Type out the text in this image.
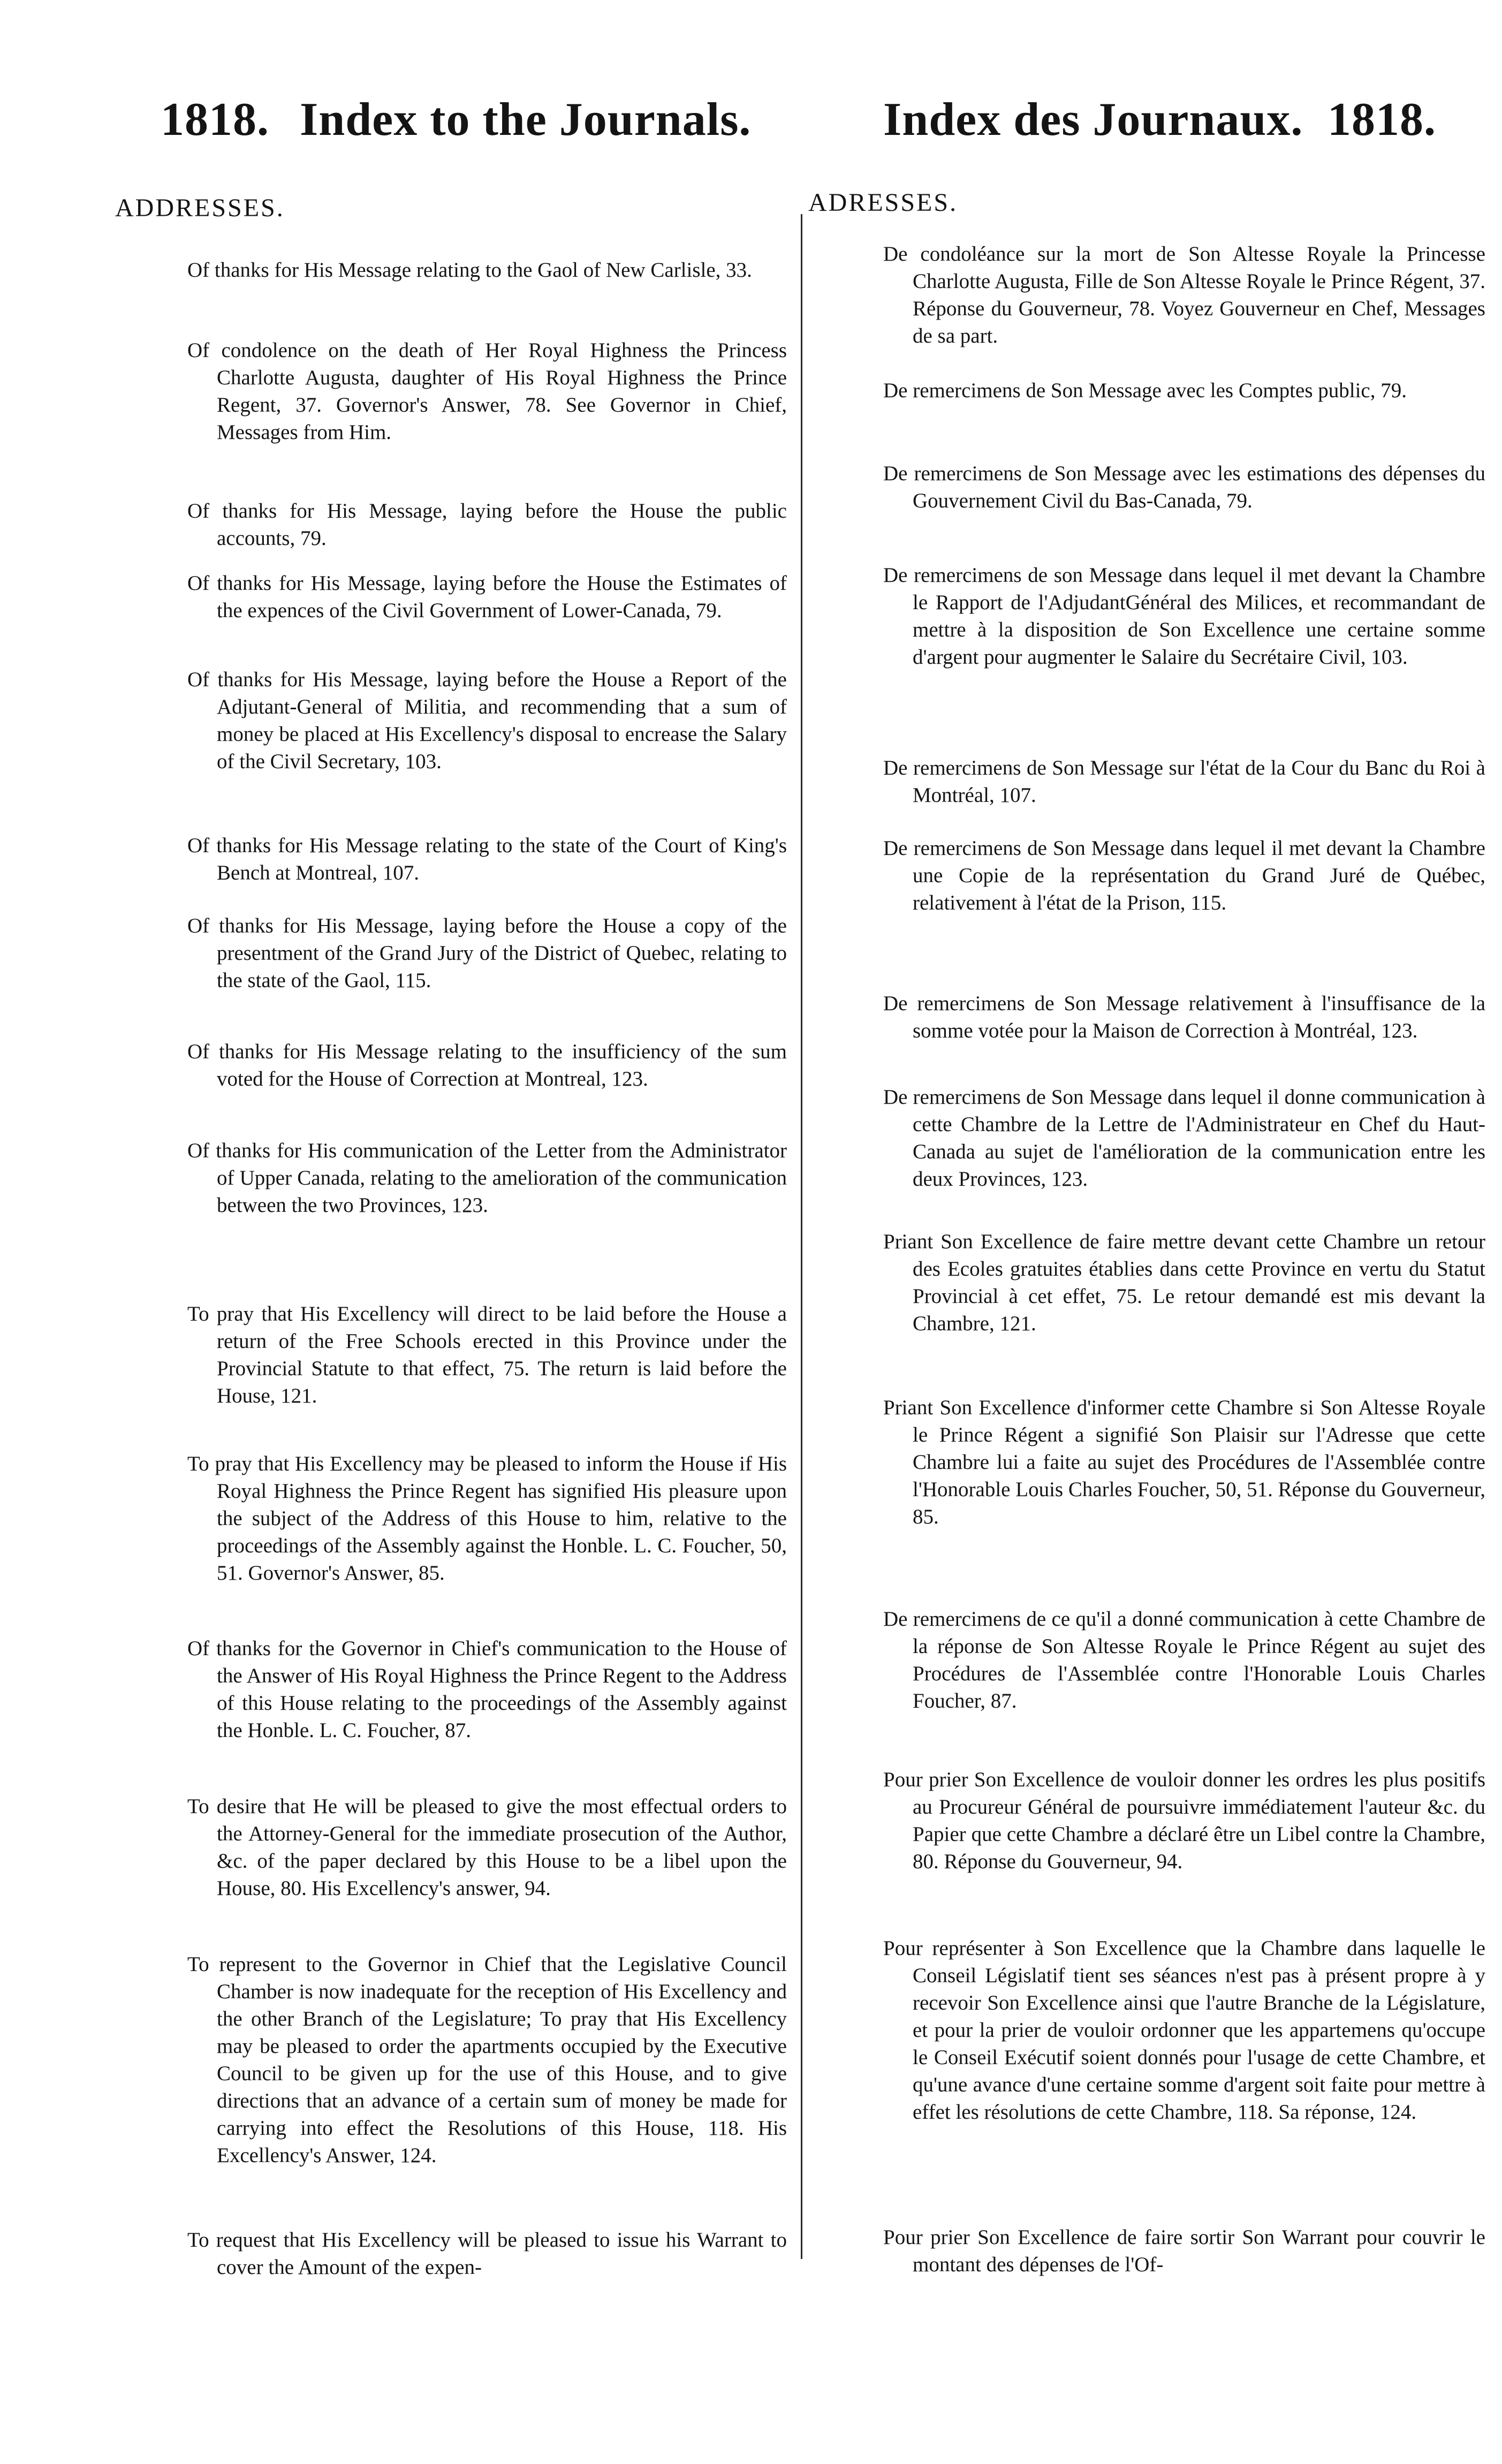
1818. Index to the Journals.	Index des Journaux. 1818.
ADDRESSES.	ADRESSES.

Of thanks for His Message relating to the Gaol of New Carlisle, 33.

Of condolence on the death of Her Royal Highness the Princess Charlotte Augusta, daughter of His Royal Highness the Prince Regent, 37. Governor's Answer, 78. See Governor in Chief, Messages from Him.

Of thanks for His Message, laying before the House the public accounts, 79.

Of thanks for His Message, laying before the House the Estimates of the expences of the Civil Government of Lower-Canada, 79.

Of thanks for His Message, laying before the House a Report of the Adjutant-General of Militia, and recommending that a sum of money be placed at His Excellency's disposal to encrease the Salary of the Civil Secretary, 103.

Of thanks for His Message relating to the state of the Court of King's Bench at Montreal, 107.

Of thanks for His Message, laying before the House a copy of the presentment of the Grand Jury of the District of Quebec, relating to the state of the Gaol, 115.

Of thanks for His Message relating to the insufficiency of the sum voted for the House of Correction at Montreal, 123.

Of thanks for His communication of the Letter from the Administrator of Upper Canada, relating to the amelioration of the communication between the two Provinces, 123.

To pray that His Excellency will direct to be laid before the House a return of the Free Schools erected in this Province under the Provincial Statute to that effect, 75. The return is laid before the House, 121.

To pray that His Excellency may be pleased to inform the House if His Royal Highness the Prince Regent has signified His pleasure upon the subject of the Address of this House to him, relative to the proceedings of the Assembly against the Honble. L. C. Foucher, 50, 51. Governor's Answer, 85.

Of thanks for the Governor in Chief's communication to the House of the Answer of His Royal Highness the Prince Regent to the Address of this House relating to the proceedings of the Assembly against the Honble. L. C. Foucher, 87.

To desire that He will be pleased to give the most effectual orders to the Attorney-General for the immediate prosecution of the Author, &c. of the paper declared by this House to be a libel upon the House, 80. His Excellency's answer, 94.

To represent to the Governor in Chief that the Legislative Council Chamber is now inadequate for the reception of His Excellency and the other Branch of the Legislature; To pray that His Excellency may be pleased to order the apartments occupied by the Executive Council to be given up for the use of this House, and to give directions that an advance of a certain sum of money be made for carrying into effect the Resolutions of this House, 118. His Excellency's Answer, 124.

To request that His Excellency will be pleased to issue his Warrant to cover the Amount of the expen-

De condoléance sur la mort de Son Altesse Royale la Princesse Charlotte Augusta, Fille de Son Altesse Royale le Prince Régent, 37. Réponse du Gouverneur, 78. Voyez Gouverneur en Chef, Messages de sa part.

De remercimens de Son Message avec les Comptes public, 79.

De remercimens de Son Message avec les estimations des dépenses du Gouvernement Civil du Bas-Canada, 79.

De remercimens de son Message dans lequel il met devant la Chambre le Rapport de l'AdjudantGénéral des Milices, et recommandant de mettre à la disposition de Son Excellence une certaine somme d'argent pour augmenter le Salaire du Secrétaire Civil, 103.

De remercimens de Son Message sur l'état de la Cour du Banc du Roi à Montréal, 107.

De remercimens de Son Message dans lequel il met devant la Chambre une Copie de la représentation du Grand Juré de Québec, relativement à l'état de la Prison, 115.

De remercimens de Son Message relativement à l'insuffisance de la somme votée pour la Maison de Correction à Montréal, 123.

De remercimens de Son Message dans lequel il donne communication à cette Chambre de la Lettre de l'Administrateur en Chef du Haut-Canada au sujet de l'amélioration de la communication entre les deux Provinces, 123.

Priant Son Excellence de faire mettre devant cette Chambre un retour des Ecoles gratuites établies dans cette Province en vertu du Statut Provincial à cet effet, 75. Le retour demandé est mis devant la Chambre, 121.

Priant Son Excellence d'informer cette Chambre si Son Altesse Royale le Prince Régent a signifié Son Plaisir sur l'Adresse que cette Chambre lui a faite au sujet des Procédures de l'Assemblée contre l'Honorable Louis Charles Foucher, 50, 51. Réponse du Gouverneur, 85.

De remercimens de ce qu'il a donné communication à cette Chambre de la réponse de Son Altesse Royale le Prince Régent au sujet des Procédures de l'Assemblée contre l'Honorable Louis Charles Foucher, 87.

Pour prier Son Excellence de vouloir donner les ordres les plus positifs au Procureur Général de poursuivre immédiatement l'auteur &c. du Papier que cette Chambre a déclaré être un Libel contre la Chambre, 80. Réponse du Gouverneur, 94.

Pour représenter à Son Excellence que la Chambre dans laquelle le Conseil Législatif tient ses séances n'est pas à présent propre à y recevoir Son Excellence ainsi que l'autre Branche de la Législature, et pour la prier de vouloir ordonner que les appartemens qu'occupe le Conseil Exécutif soient donnés pour l'usage de cette Chambre, et qu'une avance d'une certaine somme d'argent soit faite pour mettre à effet les résolutions de cette Chambre, 118. Sa réponse, 124.

Pour prier Son Excellence de faire sortir Son Warrant pour couvrir le montant des dépenses de l'Of-
